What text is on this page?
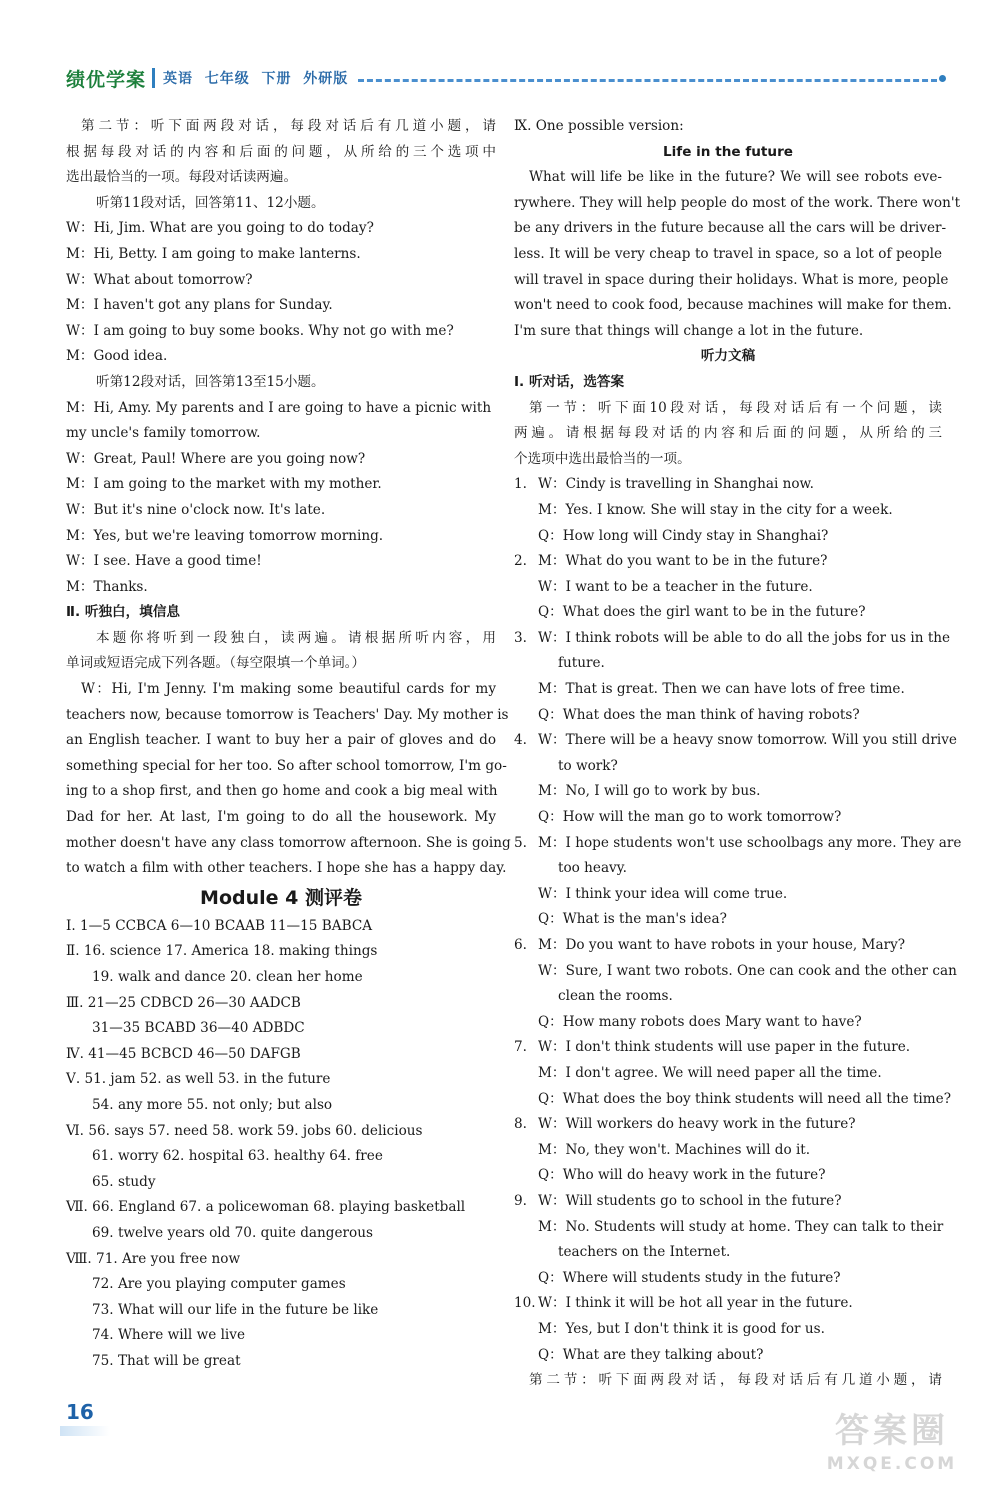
绩优学案 英语  七年级  下册  外研版

第二节：听下面两段对话，每段对话后有几道小题，请

根据每段对话的内容和后面的问题，从所给的三个选项中

选出最恰当的一项。每段对话读两遍。

听第11段对话，回答第11、12小题。

W：Hi, Jim. What are you going to do today?

M：Hi, Betty. I am going to make lanterns.

W：What about tomorrow?

M：I haven't got any plans for Sunday.

W：I am going to buy some books. Why not go with me?

M：Good idea.

听第12段对话，回答第13至15小题。

M：Hi, Amy. My parents and I are going to have a picnic with

my uncle's family tomorrow.

W：Great, Paul! Where are you going now?

M：I am going to the market with my mother.

W：But it's nine o'clock now. It's late.

M：Yes, but we're leaving tomorrow morning.

W：I see. Have a good time!

M：Thanks.

Ⅱ. 听独白，填信息

本题你将听到一段独白，读两遍。请根据所听内容，用

单词或短语完成下列各题。（每空限填一个单词。）

W：Hi, I'm Jenny. I'm making some beautiful cards for my

teachers now, because tomorrow is Teachers' Day. My mother is

an English teacher. I want to buy her a pair of gloves and do

something special for her too. So after school tomorrow, I'm go-

ing to a shop first, and then go home and cook a big meal with

Dad for her. At last, I'm going to do all the housework. My

mother doesn't have any class tomorrow afternoon. She is going

to watch a film with other teachers. I hope she has a happy day.

Module 4 测评卷

Ⅰ. 1—5 CCBCA 6—10 BCAAB 11—15 BABCA

Ⅱ. 16. science 17. America 18. making things

19. walk and dance 20. clean her home

Ⅲ. 21—25 CDBCD 26—30 AADCB

31—35 BCABD 36—40 ADBDC

Ⅳ. 41—45 BCBCD 46—50 DAFGB

Ⅴ. 51. jam 52. as well 53. in the future

54. any more 55. not only; but also

Ⅵ. 56. says 57. need 58. work 59. jobs 60. delicious

61. worry 62. hospital 63. healthy 64. free

65. study

Ⅶ. 66. England 67. a policewoman 68. playing basketball

69. twelve years old 70. quite dangerous

Ⅷ. 71. Are you free now

72. Are you playing computer games

73. What will our life in the future be like

74. Where will we live

75. That will be great

Ⅸ. One possible version:

Life in the future

What will life be like in the future? We will see robots eve-

rywhere. They will help people do most of the work. There won't

be any drivers in the future because all the cars will be driver-

less. It will be very cheap to travel in space, so a lot of people

will travel in space during their holidays. What is more, people

won't need to cook food, because machines will make for them.

I'm sure that things will change a lot in the future.

听力文稿

Ⅰ. 听对话，选答案

第一节：听下面10段对话，每段对话后有一个问题，读

两遍。请根据每段对话的内容和后面的问题，从所给的三

个选项中选出最恰当的一项。

1. W：Cindy is travelling in Shanghai now.

M：Yes. I know. She will stay in the city for a week.

Q：How long will Cindy stay in Shanghai?

2. M：What do you want to be in the future?

W：I want to be a teacher in the future.

Q：What does the girl want to be in the future?

3. W：I think robots will be able to do all the jobs for us in the

future.

M：That is great. Then we can have lots of free time.

Q：What does the man think of having robots?

4. W：There will be a heavy snow tomorrow. Will you still drive

to work?

M：No, I will go to work by bus.

Q：How will the man go to work tomorrow?

5. M：I hope students won't use schoolbags any more. They are

too heavy.

W：I think your idea will come true.

Q：What is the man's idea?

6. M：Do you want to have robots in your house, Mary?

W：Sure, I want two robots. One can cook and the other can

clean the rooms.

Q：How many robots does Mary want to have?

7. W：I don't think students will use paper in the future.

M：I don't agree. We will need paper all the time.

Q：What does the boy think students will need all the time?

8. W：Will workers do heavy work in the future?

M：No, they won't. Machines will do it.

Q：Who will do heavy work in the future?

9. W：Will students go to school in the future?

M：No. Students will study at home. They can talk to their

teachers on the Internet.

Q：Where will students study in the future?

10. W：I think it will be hot all year in the future.

M：Yes, but I don't think it is good for us.

Q：What are they talking about?

第二节：听下面两段对话，每段对话后有几道小题，请

16	答案圈
MXQE.COM
